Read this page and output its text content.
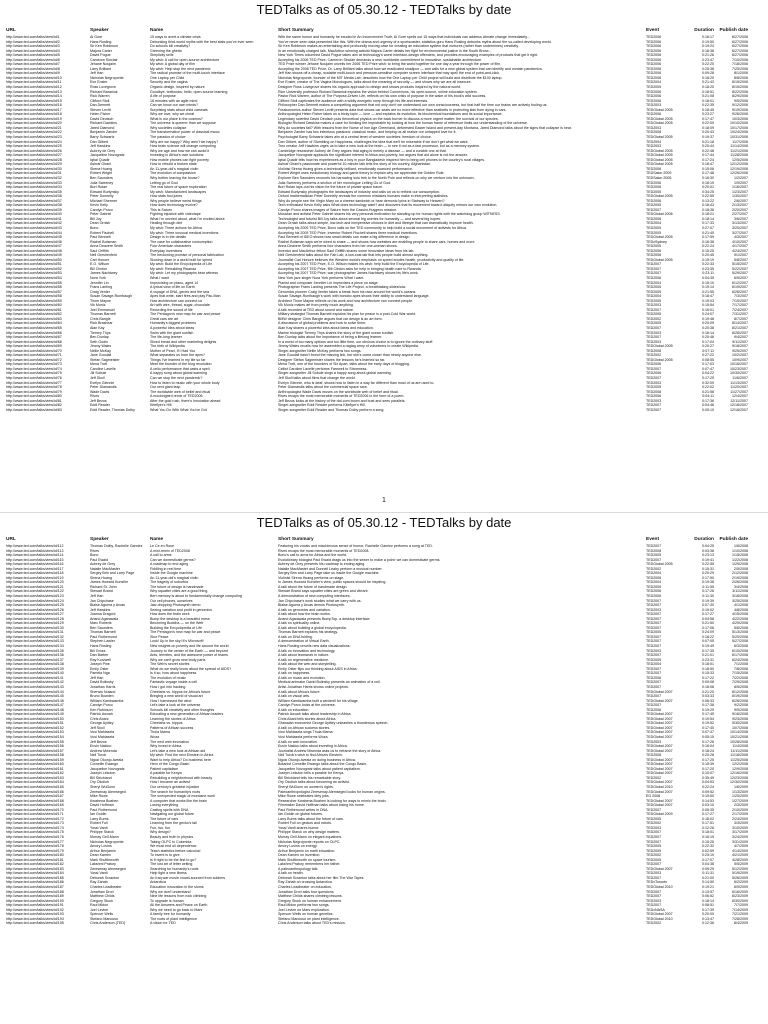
TEDTalks as of 05.30.12 - TEDTalks by date
URL	Speaker	Name	Short Summary	Event	Duration	Publish date
http://www.ted.com/talks/view/id/1	Al Gore	15 ways to avert a climate crisis	With the same humor and humanity he exuded in An Inconvenient Truth, Al Gore spells out 15 ways that individuals can address climate change immediately...	TED2006	0:16:17	6/27/2006
http://www.ted.com/talks/view/id/2	Hans Rosling	Debunking third-world myths with the best stats you've ever seen	You've never seen data presented like this. With the drama and urgency of a sportscaster, statistics guru Hans Rosling debunks myths about the so-called developing world.	TED2006	0:19:50	6/27/2006
http://www.ted.com/talks/view/id/3	Sir Ken Robinson	Do schools kill creativity?	Sir Ken Robinson makes an entertaining and profoundly moving case for creating an education system that nurtures (rather than undermines) creativity.	TED2006	0:19:24	6/27/2006
http://www.ted.com/talks/view/id/4	Majora Carter	Greening the ghetto	In an emotionally charged talk, MacArthur-winning activist Majora Carter details her fight for environmental justice in the South Bronx...	TED2006	0:18:36	6/27/2006
http://www.ted.com/talks/view/id/5	David Pogue	Simplicity sells	New York Times columnist David Pogue takes aim at technology's worst interface-design offenders, and provides encouraging examples of products that get it right.	TED2006	0:21:26	6/27/2006
http://www.ted.com/talks/view/id/6	Cameron Sinclair	My wish: A call for open-source architecture	Accepting his 2006 TED Prize, Cameron Sinclair demands a new, worldwide commitment to innovative, sustainable architecture.	TED2006	0:23:47	7/10/2006
http://www.ted.com/talks/view/id/7	Jehane Noujaim	My wish: A global day of film	TED Prize winner Jehane Noujaim unveils her 2006 TED Prize wish: to bring the world together for one day a year through the power of film.	TED2006	0:22:20	7/18/2006
http://www.ted.com/talks/view/id/8	Larry Brilliant	My wish: Help stop the next pandemic	Accepting the 2006 TED Prize, Dr. Larry Brilliant talks about how we eradicated smallpox — and calls for a new global system that can identify and contain pandemics.	TED2006	0:25:38	7/25/2006
http://www.ted.com/talks/view/id/9	Jeff Han	The radical promise of the multi-touch interface	Jeff Han shows off a cheap, scalable multi-touch and pressure-sensitive computer screen interface that may spell the end of point-and-click.	TED2006	0:09:28	8/1/2006
http://www.ted.com/talks/view/id/10	Nicholas Negroponte	One Laptop per Child	Nicholas Negroponte, founder of the MIT Media Lab, describes how the One Laptop per Child project will build and distribute the $100 laptop.	TED2006	0:18:20	8/8/2006
http://www.ted.com/talks/view/id/11	Eve Ensler	Security and the vagina	Eve Ensler, creator of The Vagina Monologues, talks about the meaning of security — and shows why we are all insecure.	TED2004	0:21:43	8/15/2006
http://www.ted.com/talks/view/id/12	Ross Lovegrove	Organic design, inspired by nature	Designer Ross Lovegrove shares his organic approach to design and shows products inspired by the natural world.	TED2005	0:18:20	8/15/2006
http://www.ted.com/talks/view/id/13	Richard Baraniuk	Goodbye, textbooks; hello, open-source learning	Rice University professor Richard Baraniuk explains the vision behind Connexions, his open-source, online education system.	TED2006	0:18:51	8/22/2006
http://www.ted.com/talks/view/id/14	Rick Warren	A life of purpose	Pastor Rick Warren, author of The Purpose-Driven Life, reflects on his own crisis of purpose in the wake of his book's wild success.	TED2006	0:21:08	8/29/2006
http://www.ted.com/talks/view/id/15	Clifford Stoll	18 minutes with an agile mind	Clifford Stoll captivates the audience with a wildly energetic romp through his life and interests.	TED2006	0:18:01	9/5/2006
http://www.ted.com/talks/view/id/16	Dan Dennett	Can we know our own minds?	Philosopher Dan Dennett makes a compelling argument that not only don't we understand our own consciousness, but that half the time our brains are actively fooling us.	TED2003	0:22:35	9/12/2006
http://www.ted.com/talks/view/id/17	Steven Levitt	Surprising stats about child carseats	Freakonomics author Steven Levitt presents data that shows car seats are no more effective than seatbelts in protecting kids from dying in cars.	TEDGlobal 2005	0:18:45	9/19/2006
http://www.ted.com/talks/view/id/18	Helen Fisher	Why we love, why we cheat	Anthropologist Helen Fisher takes on a tricky topic — love — and explains its evolution, its biochemical foundations and its social importance.	TED2006	0:23:27	9/26/2006
http://www.ted.com/talks/view/id/19	David Deutsch	What is our place in the cosmos?	Legendary scientist David Deutsch puts theoretical physics on the back burner to discuss a more urgent matter: the survival of our species.	TEDGlobal 2005	0:17:47	10/3/2006
http://www.ted.com/talks/view/id/20	Richard Dawkins	The universe is queerer than we suppose	Biologist Richard Dawkins makes a case for thinking the improbable by looking at how the human frame of reference limits our understanding of the universe.	TEDGlobal 2005	0:22:00	10/10/2006
http://www.ted.com/talks/view/id/21	Jared Diamond	Why societies collapse	Why do societies fail? With lessons from the Norse of Iron Age Greenland, deforested Easter Island and present-day Montana, Jared Diamond talks about the signs that collapse is near.	TED2003	0:18:09	10/17/2006
http://www.ted.com/talks/view/id/22	Benjamin Zander	The transformative power of classical music	Benjamin Zander has two infectious passions: classical music, and helping us all realize our untapped love for it.	TED2008	0:20:43	10/24/2006
http://www.ted.com/talks/view/id/23	Barry Schwartz	The paradox of choice	Psychologist Barry Schwartz takes aim at a central tenet of western societies: freedom of choice.	TEDGlobal 2005	0:19:37	10/31/2006
http://www.ted.com/talks/view/id/24	Dan Gilbert	Why are we happy? Why aren't we happy?	Dan Gilbert, author of Stumbling on Happiness, challenges the idea that we'll be miserable if we don't get what we want.	TED2004	0:21:18	11/7/2006
http://www.ted.com/talks/view/id/25	Jeff Hawkins	How brain science will change computing	Treo creator Jeff Hawkins urges us to take a new look at the brain — to see it not as a fast processor, but as a memory system.	TED2003	0:20:44	11/14/2006
http://www.ted.com/talks/view/id/26	Aubrey de Grey	Why we age and how we can avoid it	Cambridge researcher Aubrey de Grey argues that aging is merely a disease — and a curable one at that.	TEDGlobal 2005	0:22:48	11/21/2006
http://www.ted.com/talks/view/id/27	Jacqueline Novogratz	Investing in Africa's own solutions	Jacqueline Novogratz applauds the significant interest in Africa and poverty, but argues that aid alone is not the answer.	TEDGlobal 2005	0:17:44	11/28/2006
http://www.ted.com/talks/view/id/28	Iqbal Quadir	How mobile phones can fight poverty	Iqbal Quadir tells how his experiences as a boy in poor Bangladesh inspired him to bring cell phones to the country's rural villages.	TEDGlobal 2005	0:17:24	12/5/2006
http://www.ted.com/talks/view/id/29	Ashraf Ghani	How to rebuild a broken state	Ashraf Ghani's passionate and powerful 10-minute talk tells the story of his country, Afghanistan.	TEDGlobal 2005	0:18:47	12/12/2006
http://www.ted.com/talks/view/id/30	Sirena Huang	An 11-year-old's magical violin	Violinist Sirena Huang gives a technically brilliant, emotionally nuanced performance.	TED2006	0:15:08	12/19/2006
http://www.ted.com/talks/view/id/31	Robert Wright	The evolution of compassion	Robert Wright uses evolutionary biology and game theory to explain why we appreciate the Golden Rule.	TEDSalon 2009	0:17:48	12/26/2006
http://www.ted.com/talks/view/id/32	Ben Saunders	Why bother leaving the house?	Explorer Ben Saunders recounts his harrowing solo trek to the North Pole and reflects on why we venture into the unknown.	TEDSalon 2005	0:16:30	1/2/2007
http://www.ted.com/talks/view/id/33	Julia Sweeney	Letting go of God	Julia Sweeney performs a section of her monologue Letting Go of God.	TED2006	0:16:19	1/9/2007
http://www.ted.com/talks/view/id/34	Burt Rutan	The real future of space exploration	Burt Rutan lays out his vision for the future of private space travel.	TED2006	0:20:01	1/16/2007
http://www.ted.com/talks/view/id/35	Edward Burtynsky	My wish: Manufactured landscapes	Edward Burtynsky photographs the landscapes of industry and calls on us to rethink our consumption.	TED2005	0:34:25	1/23/2007
http://www.ted.com/talks/view/id/36	Peter Donnelly	How stats fool juries	Oxford mathematician Peter Donnelly reveals the common mistakes humans make in interpreting statistics.	TEDGlobal 2005	0:22:55	1/30/2007
http://www.ted.com/talks/view/id/37	Michael Shermer	Why people believe weird things	Why do people see the Virgin Mary on a cheese sandwich or hear demonic lyrics in Stairway to Heaven?	TED2006	0:13:22	2/6/2007
http://www.ted.com/talks/view/id/38	Kevin Kelly	How does technology evolve?	Tech enthusiast Kevin Kelly asks What does technology want? and discovers that its movement toward ubiquity mirrors our own evolution.	TED2005	0:18:43	2/13/2007
http://www.ted.com/talks/view/id/39	Carolyn Porco	This is Saturn	Carolyn Porco shares images of Saturn from the Cassini-Huygens mission.	TED2007	0:18:36	2/20/2007
http://www.ted.com/talks/view/id/40	Peter Gabriel	Fighting injustice with videotape	Musician and activist Peter Gabriel shares his very personal motivation for standing up for human rights with the watchdog group WITNESS.	TEDGlobal 2006	0:18:21	2/27/2007
http://www.ted.com/talks/view/id/41	Bill Joy	What I'm worried about, what I'm excited about	Technologist and futurist Bill Joy talks about several big worries for humanity — and several big hopes.	TED2006	0:18:14	3/6/2007
http://www.ted.com/talks/view/id/42	Dean Ornish	Healing through diet	Dean Ornish talks about simple, low-tech and inexpensive choices in diet and lifestyle that can dramatically improve health.	TED2004	0:17:33	3/13/2007
http://www.ted.com/talks/view/id/43	Bono	My wish: Three actions for Africa	Accepting his 2005 TED Prize, Bono calls on the TED community to help build a social movement of activists for Africa.	TED2005	0:27:07	3/20/2007
http://www.ted.com/talks/view/id/44	Robert Fischell	My wish: Three unusual medical inventions	Accepting his 2005 TED Prize, inventor Robert Fischell shares three medical inventions.	TED2005	0:21:40	3/27/2007
http://www.ted.com/talks/view/id/45	Paul Bennett	Design is in the details	Paul Bennett of IDEO shows how small details can make a big difference in design.	TEDGlobal 2005	0:17:59	4/3/2007
http://www.ted.com/talks/view/id/46	Rachel Botsman	The case for collaborative consumption	Rachel Botsman says we're wired to share — and shows how websites are enabling people to share cars, homes and more.	TEDxSydney	0:16:38	4/10/2007
http://www.ted.com/talks/view/id/47	Anna Deavere Smith	Four American characters	Anna Deavere Smith performs four characters from her one-woman shows.	TED2005	0:22:24	4/17/2007
http://www.ted.com/talks/view/id/48	Saul Griffith	Everyday inventions	Inventor and MacArthur fellow Saul Griffith shares some innovative ideas from his lab.	TED2006	0:15:25	4/24/2007
http://www.ted.com/talks/view/id/49	Neil Gershenfeld	The beckoning promise of personal fabrication	Neil Gershenfeld talks about the Fab Lab, a low-cost lab that lets people build almost anything.	TED2006	0:20:45	5/1/2007
http://www.ted.com/talks/view/id/50	Carl Honore	Slowing down in a world built for speed	Journalist Carl Honore believes the Western world's emphasis on speed erodes health, productivity and quality of life.	TEDGlobal 2005	0:19:19	5/8/2007
http://www.ted.com/talks/view/id/51	E.O. Wilson	My wish: Build the Encyclopedia of Life	Accepting his 2007 TED Prize, E.O. Wilson makes his wish: help build the Encyclopedia of Life.	TED2007	0:22:33	5/15/2007
http://www.ted.com/talks/view/id/52	Bill Clinton	My wish: Rebuilding Rwanda	Accepting his 2007 TED Prize, Bill Clinton asks for help in bringing health care to Rwanda.	TED2007	0:23:35	5/22/2007
http://www.ted.com/talks/view/id/53	James Nachtwey	My wish: Let my photographs bear witness	Accepting his 2007 TED Prize, war photographer James Nachtwey shows his life's work.	TED2007	0:23:11	5/29/2007
http://www.ted.com/talks/view/id/54	Nora York	What I want	New York jazz singer Nora York performs What I want.	TED2006	0:04:35	6/5/2007
http://www.ted.com/talks/view/id/55	Jennifer Lin	Improvising on piano, aged 14	Pianist and composer Jennifer Lin improvises a piece on stage.	TED2004	0:15:10	6/12/2007
http://www.ted.com/talks/view/id/56	Frans Lanting	A lyrical view of life on Earth	Photographer Frans Lanting presents The Life Project, a breathtaking slideshow.	TED2005	0:19:14	6/19/2007
http://www.ted.com/talks/view/id/57	Craig Venter	A voyage of DNA, genes and the sea	Genomics pioneer Craig Venter takes a break from his race around the world's oceans.	TED2005	0:21:55	6/26/2007
http://www.ted.com/talks/view/id/58	Susan Savage-Rumbaugh	Apes that write, start fires and play Pac-Man	Susan Savage-Rumbaugh's work with bonobo apes shows their ability to understand language.	TED2004	0:18:47	7/3/2007
http://www.ted.com/talks/view/id/59	Thom Mayne	How architecture can connect us	Architect Thom Mayne reflects on his work and how architecture can connect people.	TED2005	0:19:03	7/10/2007
http://www.ted.com/talks/view/id/60	Vik Muniz	Art with wire, thread, sugar, chocolate	Vik Muniz makes art from pretty much anything.	TED2003	0:15:54	7/17/2007
http://www.ted.com/talks/view/id/61	Joel Emmanuel	Recording the sound of life	A talk recorded at TED about sound and nature.	TED2007	0:16:01	7/24/2007
http://www.ted.com/talks/view/id/62	Thomas Barnett	The Pentagon's new map for war and peace	Military strategist Thomas Barnett explains his plan for peace in a post-Cold War world.	TED2005	0:24:07	7/31/2007
http://www.ted.com/talks/view/id/63	Chris Bangle	Great cars are art	BMW designer Chris Bangle argues that car design is an art form.	TED2002	0:19:48	8/7/2007
http://www.ted.com/talks/view/id/64	Rick Brashear	Humanity's biggest problems	A discussion of global problems and how to solve them.	TED2005	0:20:09	8/14/2007
http://www.ted.com/talks/view/id/65	Alan Kay	A powerful idea about ideas	Alan Kay shares a powerful idea about ideas and education.	TED2007	0:20:36	8/21/2007
http://www.ted.com/talks/view/id/66	Tierney Thys	Swim with the giant sunfish	Marine biologist Tierney Thys shares the story of the giant ocean sunfish.	TED2003	0:16:14	8/28/2007
http://www.ted.com/talks/view/id/67	Ben Dunlap	The life-long learner	Ben Dunlap talks about the importance of being a lifelong learner.	TED2007	0:20:46	9/4/2007
http://www.ted.com/talks/view/id/68	Seth Godin	Sliced bread and other marketing delights	In a world of too many options and too little time, our obvious choice is to ignore the ordinary stuff.	TED2003	0:17:04	9/11/2007
http://www.ted.com/talks/view/id/69	Jimmy Wales	The birth of Wikipedia	Jimmy Wales recalls how he assembled a ragtag army of volunteers to create Wikipedia.	TEDGlobal 2005	0:20:27	9/18/2007
http://www.ted.com/talks/view/id/70	Nellie McKay	Mother of Pearl, If I Had You	Singer-songwriter Nellie McKay performs two songs.	TED2008	0:07:11	9/25/2007
http://www.ted.com/talks/view/id/71	Jane Goodall	What separates us from the apes?	Jane Goodall hasn't found the missing link, but she's come closer than nearly anyone else.	TED2002	0:27:22	10/2/2007
http://www.ted.com/talks/view/id/72	Stefan Sagmeister	Things I've learned in my life so far	Designer Stefan Sagmeister shares the lessons he's learned so far.	TEDGlobal 2005	0:08:55	10/9/2007
http://www.ted.com/talks/view/id/73	Mena Trott	Meet the founder of the blog revolution	Mena Trott, one of the founders of Six Apart, talks about the early days of blogging.	TED2006	0:17:03	10/16/2007
http://www.ted.com/talks/view/id/74	Caroline Lavelle	A cello performance that casts a spell	Cellist Caroline Lavelle performs Farewell to Stromness.	TED2007	0:07:47	10/23/2007
http://www.ted.com/talks/view/id/75	Jill Sobule	A happy song about global warming	Singer-songwriter Jill Sobule sings a happy song about global warming.	TED2006	0:04:22	10/30/2007
http://www.ted.com/talks/view/id/76	Jeff Skoll	Can we stop the next pandemic?	Jeff Skoll talks about films that change the world.	TED2007	0:17:25	11/6/2007
http://www.ted.com/talks/view/id/77	Evelyn Glennie	How to listen to music with your whole body	Evelyn Glennie, who is deaf, shows how to listen in a way far different than most of us are used to.	TED2003	0:32:09	11/13/2007
http://www.ted.com/talks/view/id/78	Peter Diamandis	Our next giant leap	Peter Diamandis talks about the commercial space race.	TED2005	0:22:02	11/20/2007
http://www.ted.com/talks/view/id/79	Wade Davis	The worldwide web of belief and ritual	Anthropologist Wade Davis muses on the worldwide web of belief and ritual.	TED2008	0:21:58	11/27/2007
http://www.ted.com/talks/view/id/80	Rives	A mockingbird remix of TED2006	Rives recaps the most memorable moments of TED2006 in the form of a poem.	TED2006	0:04:11	12/4/2007
http://www.ted.com/talks/view/id/81	Jeff Bezos	After the gold rush, there's innovation ahead	Jeff Bezos looks at the history of the dot-com boom and bust and sees parallels.	TED2003	0:17:36	12/11/2007
http://www.ted.com/talks/view/id/82	Eddi Reader	Kiteflyer's Hill	Singer-songwriter Eddi Reader performs Kiteflyer's Hill.	TED2007	0:04:46	12/18/2007
http://www.ted.com/talks/view/id/83	Eddi Reader, Thomas Dolby	What You Do With What You've Got	Singer-songwriter Eddi Reader and Thomas Dolby perform a song.	TED2007	0:05:10	12/18/2007
1
TEDTalks as of 05.30.12 - TEDTalks by date
URL	Speaker	Name	Short Summary	Event	Duration	Publish date
http://www.ted.com/talks/view/id/112	Thomas Dolby, Rachelle Garniez	Le Ce en Rose	Featuring his vocals and mischievous sense of humor, Rachelle Garniez performs a song at TED.	TED2007	0:04:25	1/8/2008
http://www.ted.com/talks/view/id/113	Rives	A mini-remix of TED2008	Rives recaps the most memorable moments of TED2008.	TED2008	0:03:38	1/10/2008
http://www.ted.com/talks/view/id/114	Bono	A call to arms	Bono's call to arms for Africa and the world.	TED2005	0:23:13	1/15/2008
http://www.ted.com/talks/view/id/115	Paul Ewald	Can we domesticate germs?	Evolutionary biologist Paul Ewald drags us into the sewer to make a point: we can domesticate germs.	TED2007	0:19:41	1/22/2008
http://www.ted.com/talks/view/id/116	Aubrey de Grey	A roadmap to end aging	Aubrey de Grey presents his roadmap to ending aging.	TEDGlobal 2005	0:22:55	1/29/2008
http://www.ted.com/talks/view/id/117	Natalie MacMaster	Fiddling in reel time	Natalie MacMaster and Donnell Leahy perform a musical number.	TED2002	0:15:31	2/5/2008
http://www.ted.com/talks/view/id/118	Sergey Brin and Larry Page	Inside the Google machine	Sergey Brin and Larry Page take us inside the Google machine.	TED2004	0:20:29	2/12/2008
http://www.ted.com/talks/view/id/119	Sirena Huang	An 11-year-old's magical violin	Violinist Sirena Huang performs on stage.	TED2006	0:17:50	2/19/2008
http://www.ted.com/talks/view/id/120	James Howard Kunstler	The tragedy of suburbia	In James Howard Kunstler's view, public spaces should be inspiring.	TED2004	0:19:38	2/26/2008
http://www.ted.com/talks/view/id/121	Richard St. John	The future of design is handmade	A talk about the future of handmade design.	TED2005	0:11:55	3/4/2008
http://www.ted.com/talks/view/id/122	Stewart Brand	Why squatter cities are a good thing	Stewart Brand says squatter cities are green and vibrant.	TED2006	0:17:26	3/11/2008
http://www.ted.com/talks/view/id/123	Jeff Han	Bert memory is about to fundamentally change computing	A demonstration of new computing interfaces.	TED2006	0:11:30	3/18/2008
http://www.ted.com/talks/view/id/124	Jan Chipchase	Our cell phones, ourselves	Jan Chipchase's work studies what we carry with us.	TED2007	0:19:39	3/25/2008
http://www.ted.com/talks/view/id/125	Blaise Aguera y Arcas	Jaw-dropping Photosynth demo	Blaise Aguera y Arcas demos Photosynth.	TED2007	0:07:30	4/1/2008
http://www.ted.com/talks/view/id/126	Jeff Hawkins	Seeing variation and profit in genomics	A talk on genomics and variation.	TED2003	0:19:02	4/8/2008
http://www.ted.com/talks/view/id/127	Joanna Dragoni	How does the brain work	A talk about how the brain works.	TED2007	0:17:27	4/15/2008
http://www.ted.com/talks/view/id/128	Anand Agarawala	Bump the desktop is a beautiful mess	Anand Agarawala presents BumpTop, a desktop interface.	TED2007	0:04:58	4/22/2008
http://www.ted.com/talks/view/id/129	Marc Roberts	Becoming Buddha — on the Web	A talk on spirituality online.	TED2007	0:21:50	4/29/2008
http://www.ted.com/talks/view/id/130	Ben Saunders	Building the Encyclopedia of Life	A talk about building a global encyclopedia.	TED2007	0:17:06	5/6/2008
http://www.ted.com/talks/view/id/131	Thomas Barnett	The Pentagon's new map for war and peace	Thomas Barnett explains his strategy.	TED2005	0:24:09	5/13/2008
http://www.ted.com/talks/view/id/132	Paul Rothemund	Slue Peace	A talk on DNA folding.	TED2007	0:16:22	5/20/2008
http://www.ted.com/talks/view/id/133	Stephen Lawler	Look! Up in the sky! It's Microsoft!	A demonstration of Virtual Earth.	TED2007	0:07:05	5/27/2008
http://www.ted.com/talks/view/id/134	Hans Rosling	New insights on poverty and life around the world	Hans Rosling unveils new data visualizations.	TED2007	0:19:49	6/3/2008
http://www.ted.com/talks/view/id/135	Bill Gross	Journey to the center of the Earth — and beyond	A talk on innovation and technology.	TED2003	0:17:35	6/10/2008
http://www.ted.com/talks/view/id/136	Dan Barber	Ants, termites, and the awesome power of teams	A talk about teamwork in nature.	TED2007	0:21:01	6/17/2008
http://www.ted.com/talks/view/id/137	Ray Kurzweil	Why we can't grow new body parts	A talk on regenerative medicine.	TED2005	0:23:31	6/24/2008
http://www.ted.com/talks/view/id/138	Joseph Pine	The Web's secret stories	A talk about the web and storytelling.	TED2004	0:18:01	7/1/2008
http://www.ted.com/talks/view/id/139	Emily Oster	What do we really know about the spread of AIDS?	Emily Oster flips our thinking about AIDS in Africa.	TED2007	0:18:50	7/8/2008
http://www.ted.com/talks/view/id/140	Pamela Nga	Is it so, how about happiness	A talk on happiness.	TED2007	0:15:33	7/15/2008
http://www.ted.com/talks/view/id/141	Jeff Han	The evolution of music	A talk on music and evolution.	TED2006	0:17:22	7/22/2008
http://www.ted.com/talks/view/id/142	David Bolinsky	Fantastic voyage inside a cell	Medical animator David Bolinsky presents an animation of a cell.	TED2007	0:09:08	7/29/2008
http://www.ted.com/talks/view/id/143	Jonathan Harris	How I got into hacking	Artist Jonathan Harris shows online projects.	TED2007	0:18:08	8/5/2008
http://www.ted.com/talks/view/id/144	Sherwin Nuland	Cheetahs vs. hippos for Africa's future	A talk about Africa's future.	TEDGlobal 2007	0:21:20	8/12/2008
http://www.ted.com/talks/view/id/145	Bruno Bowden	Bringing a new world of visual art	A talk on visual arts.	TED2007	0:03:33	8/19/2008
http://www.ted.com/talks/view/id/146	William Kamkwamba	How I harnessed the wind	William Kamkwamba built a windmill for his village.	TEDGlobal 2007	0:06:33	8/26/2008
http://www.ted.com/talks/view/id/147	Carolyn Porco	Let's take a look at the universe	Carolyn Porco looks at the universe.	TED2007	0:17:38	9/2/2008
http://www.ted.com/talks/view/id/148	Ken Robinson	Schools kill creativity and other thoughts	A talk on education.	TED2006	0:19:29	9/9/2008
http://www.ted.com/talks/view/id/149	Patrick Awuah	Educating a new generation of African leaders	Patrick Awuah talks about leadership in Africa.	TEDGlobal 2007	0:17:45	9/16/2008
http://www.ted.com/talks/view/id/150	Chris Abani	Learning the stories of Africa	Chris Abani tells stories about Africa.	TEDGlobal 2007	0:19:54	9/23/2008
http://www.ted.com/talks/view/id/151	George Ayittey	Cheetahs vs. hippos	Ghanaian economist George Ayittey unleashes a thunderous speech.	TEDGlobal 2007	0:19:52	9/30/2008
http://www.ted.com/talks/view/id/152	Jeff Skoll	Patterns of African success	A talk on African success stories.	TEDGlobal 2007	0:17:40	10/7/2008
http://www.ted.com/talks/view/id/153	Vusi Mahlasela	Thula Mama	Vusi Mahlasela sings Thula Mama.	TEDGlobal 2007	0:07:37	10/14/2008
http://www.ted.com/talks/view/id/154	Vusi Mahlasela	Woza	Vusi Mahlasela performs Woza.	TEDGlobal 2007	0:05:15	10/21/2008
http://www.ted.com/talks/view/id/155	Jeff Bezos	The next web innovation	A talk on web innovation.	TED2003	0:17:26	10/28/2008
http://www.ted.com/talks/view/id/156	Euvin Naidoo	Why invest in Africa	Euvin Naidoo talks about investing in Africa.	TEDGlobal 2007	0:16:04	11/4/2008
http://www.ted.com/talks/view/id/157	Andrew Mwenda	Let's take a new look at African aid	Journalist Andrew Mwenda asks us to reframe the story of Africa.	TEDGlobal 2007	0:18:24	11/11/2008
http://www.ted.com/talks/view/id/158	Neil Turok	My wish: Find the next Einstein in Africa	Neil Turok's wish to find Africa's Einstein.	TED2008	0:20:28	11/18/2008
http://www.ted.com/talks/view/id/159	Ngozi Okonjo-Iweala	Want to help Africa? Do business here	Ngozi Okonjo-Iweala on doing business in Africa.	TEDGlobal 2007	0:17:25	11/25/2008
http://www.ted.com/talks/view/id/160	Corneille Ewango	Hero of the Congo Basin	Botanist Corneille Ewango talks about the Congo Basin.	TEDGlobal 2007	0:15:39	12/2/2008
http://www.ted.com/talks/view/id/161	Jacqueline Novogratz	Patient capitalism	Jacqueline Novogratz talks about patient capitalism.	TEDGlobal 2007	0:17:20	12/9/2008
http://www.ted.com/talks/view/id/162	Joseph Lekuton	A parable for Kenya	Joseph Lekuton tells a parable for Kenya.	TEDGlobal 2007	0:10:07	12/16/2008
http://www.ted.com/talks/view/id/163	Bill Strickland	Rebuilding a neighborhood with beauty	Bill Strickland tells his remarkable story.	TED2002	0:35:49	12/23/2008
http://www.ted.com/talks/view/id/164	Ory Okolloh	How I became an activist	Ory Okolloh talks about becoming an activist.	TEDGlobal 2007	0:04:53	12/30/2008
http://www.ted.com/talks/view/id/165	Sheryl WuDunn	Our century's greatest injustice	Sheryl WuDunn on women's rights.	TEDGlobal 2010	0:22:24	1/6/2009
http://www.ted.com/talks/view/id/166	Zeresenay Alemseged	The search for humanity's roots	Paleoanthropologist Zeresenay Alemseged looks for human origins.	TEDGlobal 2007	0:09:52	1/13/2009
http://www.ted.com/talks/view/id/167	Mike Rowe	The unexpected magic of mundane work	Mike Rowe celebrates dirty jobs.	EG 2008	0:19:50	1/20/2009
http://www.ted.com/talks/view/id/168	Kwabena Boahen	A computer that works like the brain	Researcher Kwabena Boahen is looking for ways to mimic the brain.	TEDGlobal 2007	0:14:53	1/27/2009
http://www.ted.com/talks/view/id/169	David Hoffman	Losing everything	Filmmaker David Hoffman talks about losing his home.	TEDGlobal 2007	0:03:10	2/3/2009
http://www.ted.com/talks/view/id/170	Paul Rothemund	Casting spells with DNA	Paul Rothemund writes in DNA.	TED2007	0:05:35	2/10/2009
http://www.ted.com/talks/view/id/171	Ian Goldin	Navigating our global future	Ian Goldin on global futures.	TEDGlobal 2009	0:17:27	2/17/2009
http://www.ted.com/talks/view/id/172	Larry Burns	The future of cars	Larry Burns talks about the future of cars.	TED2005	0:18:02	2/24/2009
http://www.ted.com/talks/view/id/173	Robert Full	Learning from the gecko's tail	Robert Full on geckos and robots.	TED2002	0:17:51	3/3/2009
http://www.ted.com/talks/view/id/174	Yossi Vardi	Fun, fun, fun	Yossi Vardi shares humor.	TED2003	0:12:26	3/10/2009
http://www.ted.com/talks/view/id/175	Philippe Starck	Why design?	Philippe Starck on why design matters.	TED2007	0:18:01	3/17/2009
http://www.ted.com/talks/view/id/176	Murray Gell-Mann	Beauty and truth in physics	Murray Gell-Mann on elegant equations.	TED2007	0:16:19	3/24/2009
http://www.ted.com/talks/view/id/177	Nicholas Negroponte	Taking OLPC to Colombia	Nicholas Negroponte reports on OLPC.	TED2007	0:15:25	3/31/2009
http://www.ted.com/talks/view/id/178	Amory Lovins	We must end oil dependence	Amory Lovins on energy.	TED2005	0:22:32	4/7/2009
http://www.ted.com/talks/view/id/179	Arthur Benjamin	Teach statistics before calculus!	Arthur Benjamin on math education.	TED2009	0:02:59	4/14/2009
http://www.ted.com/talks/view/id/180	Dean Kamen	To invent is to give	Dean Kamen on invention.	TED2002	0:25:10	4/21/2009
http://www.ted.com/talks/view/id/181	Mark Shuttleworth	Is it right to be the first to go?	Mark Shuttleworth on space tourism.	TED2005	0:17:07	4/28/2009
http://www.ted.com/talks/view/id/182	Lakshmi Pratury	The lost art of letter writing	Lakshmi Pratury remembers her father.	TED2007	0:04:36	5/5/2009
http://www.ted.com/talks/view/id/183	Zeresenay Alemseged	Searching for humanity's roots	A paleoanthropology talk.	TEDGlobal 2007	0:09:29	5/12/2009
http://www.ted.com/talks/view/id/184	Yossi Vardi	Help fight a new illness	A talk on health.	TED2003	0:11:31	5/19/2009
http://www.ted.com/talks/view/id/185	Deborah Scranton	An Iraq war movie crowd-sourced from soldiers	Deborah Scranton talks about her film The War Tapes.	TED2007	0:21:00	5/26/2009
http://www.ted.com/talks/view/id/186	Ray Zahab	Antarctica	Ray Zahab on crossing Antarctica.	TEDxToronto	0:14:50	6/2/2009
http://www.ted.com/talks/view/id/187	Charles Leadbeater	Education innovation in the slums	Charles Leadbeater on education.	TEDGlobal 2010	0:19:21	6/9/2009
http://www.ted.com/talks/view/id/188	Jonathan Drori	Why we don't understand	Jonathan Drori asks four questions.	TED2007	0:13:57	6/16/2009
http://www.ted.com/talks/view/id/189	Matthew Childs	Nine life lessons from rock climbing	Matthew Childs shares climbing lessons.	TED2007	0:06:52	6/23/2009
http://www.ted.com/talks/view/id/190	Gregory Stock	To upgrade is human	Gregory Stock on human enhancement.	TED2003	0:18:14	6/30/2009
http://www.ted.com/talks/view/id/191	Raul Midon	All the Answers and Peace on Earth	Raul Midon performs two songs.	TED2007	0:08:51	7/7/2009
http://www.ted.com/talks/view/id/192	Joel Levine	Why we need to go back to Mars	Joel Levine on Mars exploration.	TEDxNASA	0:17:39	7/14/2009
http://www.ted.com/talks/view/id/193	Spencer Wells	A family tree for humanity	Spencer Wells on human genetics.	TEDGlobal 2007	0:20:00	7/21/2009
http://www.ted.com/talks/view/id/194	Stefano Mancuso	The roots of plant intelligence	Stefano Mancuso on plant intelligence.	TEDGlobal 2010	0:13:47	7/28/2009
http://www.ted.com/talks/view/id/195	Chris Anderson (TED)	A vision for TED	Chris Anderson talks about TED's mission.	TED2002	0:12:36	8/4/2009
